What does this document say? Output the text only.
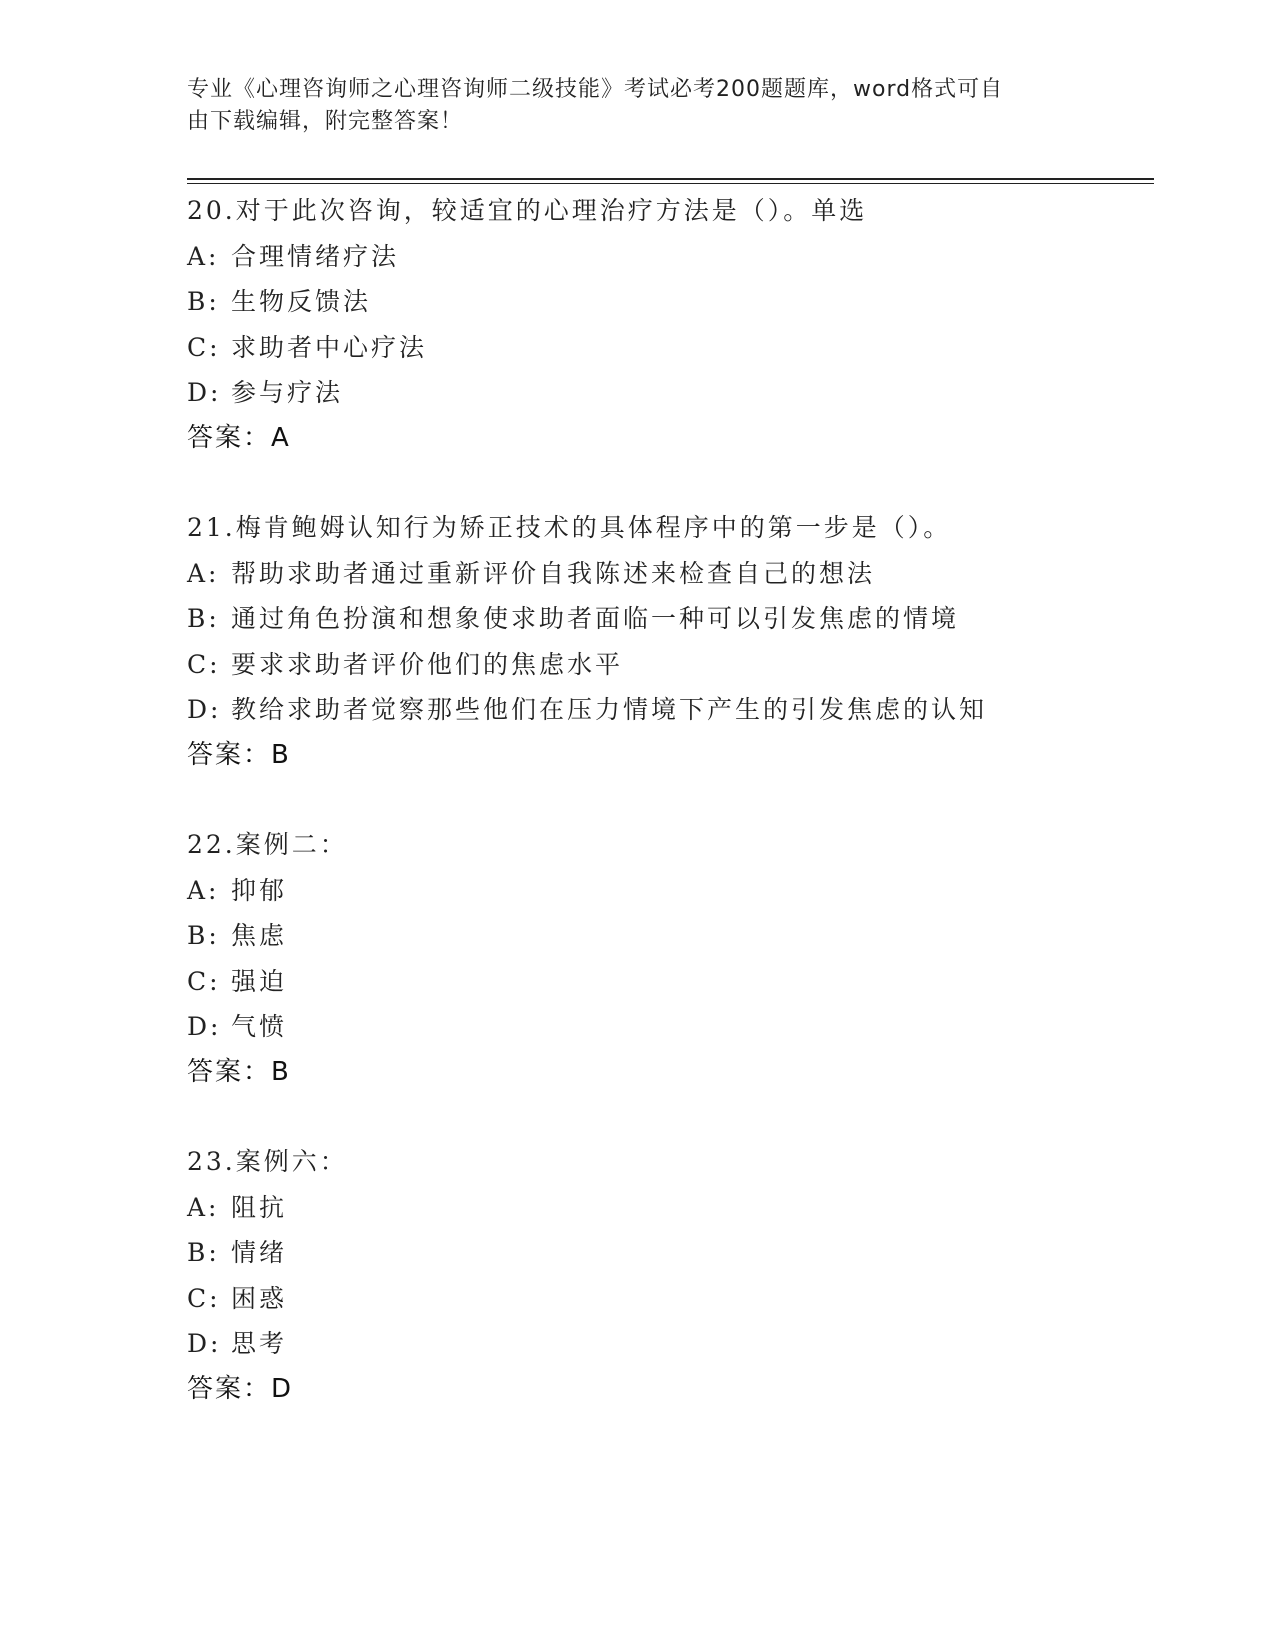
专业《心理咨询师之心理咨询师二级技能》考试必考200题题库，word格式可自
由下载编辑，附完整答案！
20.对于此次咨询，较适宜的心理治疗方法是（）。单选
A: 合理情绪疗法
B: 生物反馈法
C: 求助者中心疗法
D: 参与疗法
答案：A
21.梅肯鲍姆认知行为矫正技术的具体程序中的第一步是（）。
A: 帮助求助者通过重新评价自我陈述来检查自己的想法
B: 通过角色扮演和想象使求助者面临一种可以引发焦虑的情境
C: 要求求助者评价他们的焦虑水平
D: 教给求助者觉察那些他们在压力情境下产生的引发焦虑的认知
答案：B
22.案例二：
A: 抑郁
B: 焦虑
C: 强迫
D: 气愤
答案：B
23.案例六：
A: 阻抗
B: 情绪
C: 困惑
D: 思考
答案：D
